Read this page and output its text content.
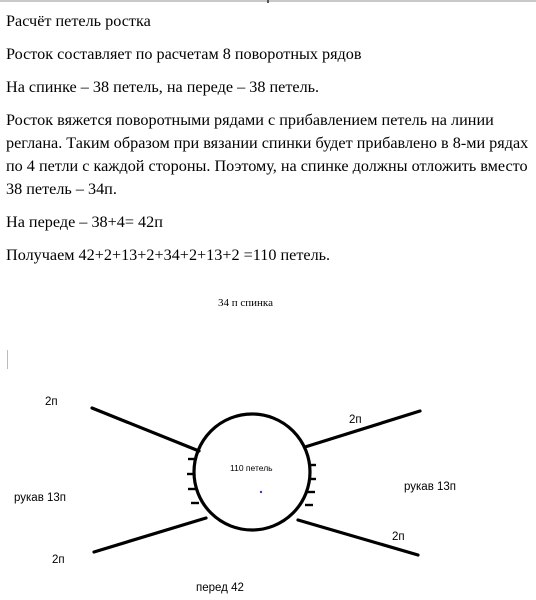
Расчёт петель ростка

Росток составляет по расчетам 8 поворотных рядов

На спинке – 38 петель, на переде – 38 петель.

Росток вяжется поворотными рядами с прибавлением петель на линии реглана. Таким образом при вязании спинки будет прибавлено в 8-ми рядах по 4 петли с каждой стороны. Поэтому, на спинке должны отложить вместо 38 петель – 34п.

На переде – 38+4= 42п

Получаем 42+2+13+2+34+2+13+2 =110 петель.

34 п спинка
110 петель
перед 42
рукав 13п
рукав 13п
2п
2п
2п
2п
